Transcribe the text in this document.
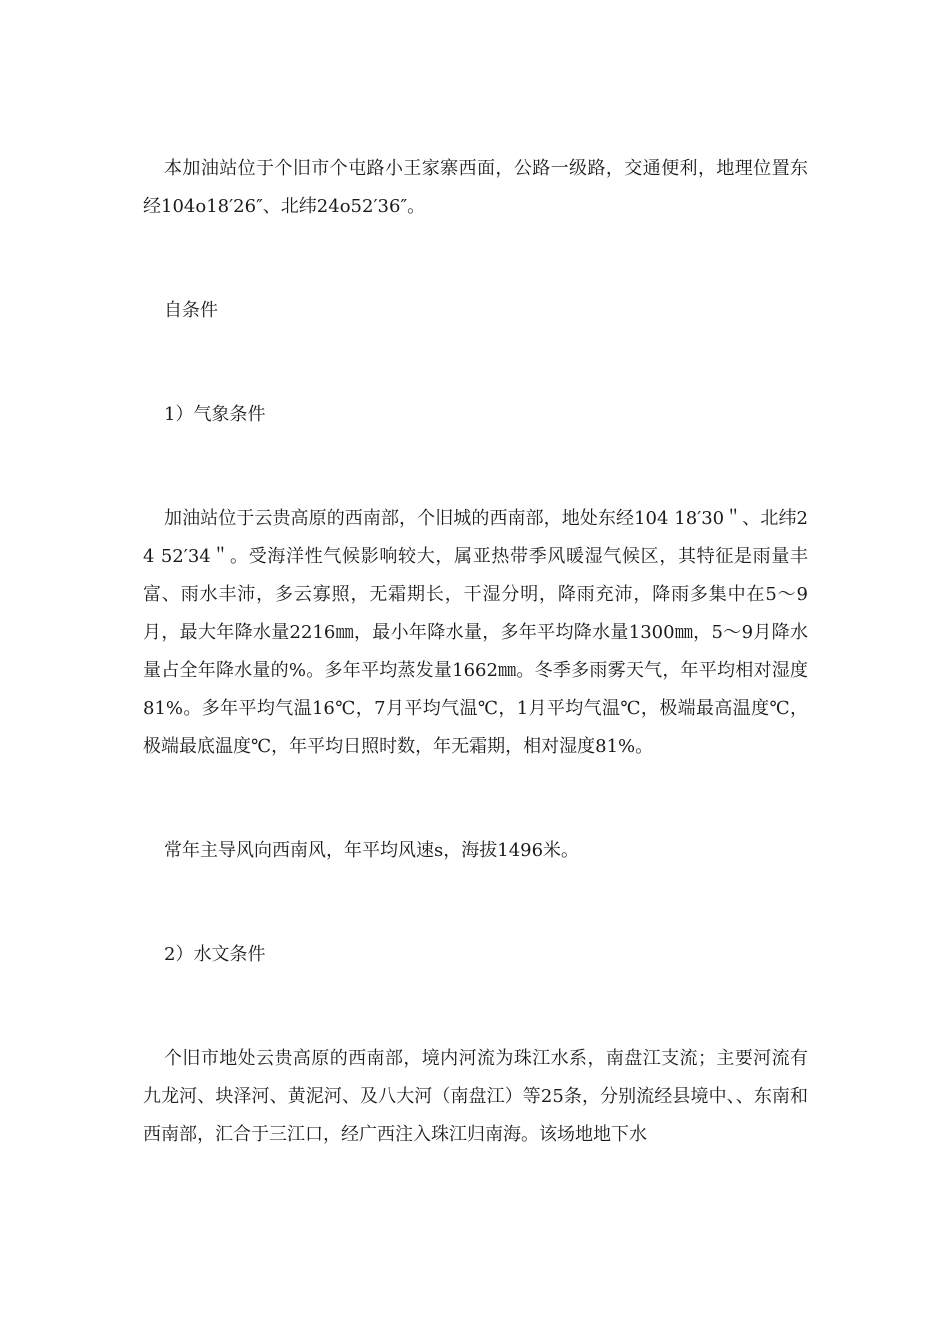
本加油站位于个旧市个屯路小王家寨西面，公路一级路，交通便利，地理位置东经104o18′26″、北纬24o52′36″。

自条件

1）气象条件

加油站位于云贵高原的西南部，个旧城的西南部，地处东经104 18′30＂、北纬24 52′34＂。受海洋性气候影响较大，属亚热带季风暖湿气候区，其特征是雨量丰富、雨水丰沛，多云寡照，无霜期长，干湿分明，降雨充沛，降雨多集中在5～9月，最大年降水量2216㎜，最小年降水量，多年平均降水量1300㎜，5～9月降水量占全年降水量的%。多年平均蒸发量1662㎜。冬季多雨雾天气，年平均相对湿度81%。多年平均气温16℃，7月平均气温℃，1月平均气温℃，极端最高温度℃，极端最底温度℃，年平均日照时数，年无霜期，相对湿度81%。

常年主导风向西南风，年平均风速s，海拔1496米。

2）水文条件

个旧市地处云贵高原的西南部，境内河流为珠江水系，南盘江支流；主要河流有九龙河、块泽河、黄泥河、及八大河（南盘江）等25条，分别流经县境中、、东南和西南部，汇合于三江口，经广西注入珠江归南海。该场地地下水
